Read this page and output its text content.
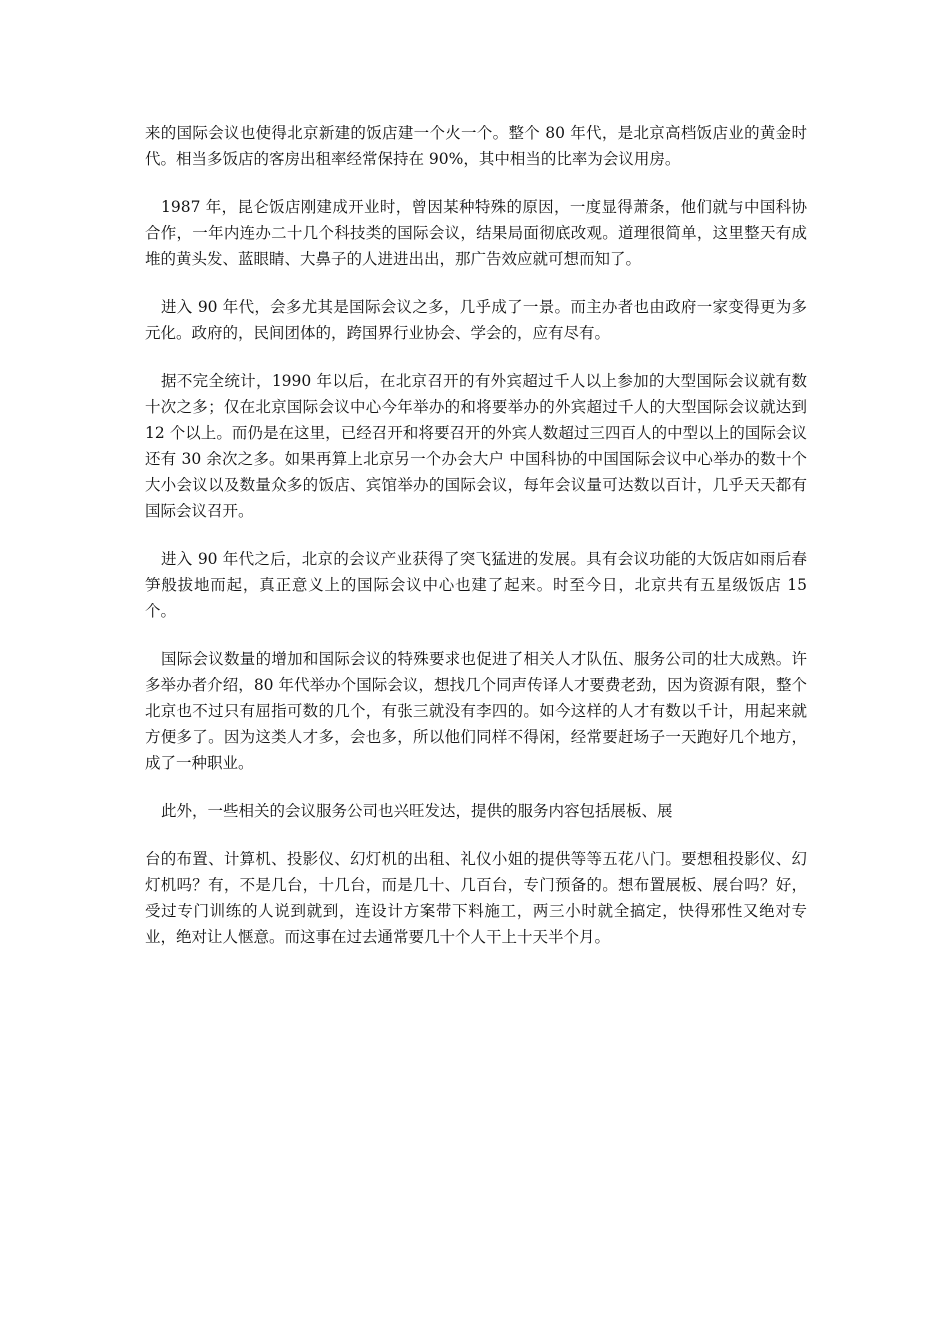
来的国际会议也使得北京新建的饭店建一个火一个。整个 80 年代，是北京高档饭店业的黄金时代。相当多饭店的客房出租率经常保持在 90%，其中相当的比率为会议用房。

1987 年，昆仑饭店刚建成开业时，曾因某种特殊的原因，一度显得萧条，他们就与中国科协合作，一年内连办二十几个科技类的国际会议，结果局面彻底改观。道理很简单，这里整天有成堆的黄头发、蓝眼睛、大鼻子的人进进出出，那广告效应就可想而知了。

进入 90 年代，会多尤其是国际会议之多，几乎成了一景。而主办者也由政府一家变得更为多元化。政府的，民间团体的，跨国界行业协会、学会的，应有尽有。

据不完全统计，1990 年以后，在北京召开的有外宾超过千人以上参加的大型国际会议就有数十次之多；仅在北京国际会议中心今年举办的和将要举办的外宾超过千人的大型国际会议就达到 12 个以上。而仍是在这里，已经召开和将要召开的外宾人数超过三四百人的中型以上的国际会议还有 30 余次之多。如果再算上北京另一个办会大户 中国科协的中国国际会议中心举办的数十个大小会议以及数量众多的饭店、宾馆举办的国际会议，每年会议量可达数以百计，几乎天天都有国际会议召开。

进入 90 年代之后，北京的会议产业获得了突飞猛进的发展。具有会议功能的大饭店如雨后春笋般拔地而起，真正意义上的国际会议中心也建了起来。时至今日，北京共有五星级饭店 15 个。

国际会议数量的增加和国际会议的特殊要求也促进了相关人才队伍、服务公司的壮大成熟。许多举办者介绍，80 年代举办个国际会议，想找几个同声传译人才要费老劲，因为资源有限，整个北京也不过只有屈指可数的几个，有张三就没有李四的。如今这样的人才有数以千计，用起来就方便多了。因为这类人才多，会也多，所以他们同样不得闲，经常要赶场子一天跑好几个地方，成了一种职业。

此外，一些相关的会议服务公司也兴旺发达，提供的服务内容包括展板、展

台的布置、计算机、投影仪、幻灯机的出租、礼仪小姐的提供等等五花八门。要想租投影仪、幻灯机吗？有，不是几台，十几台，而是几十、几百台，专门预备的。想布置展板、展台吗？好，受过专门训练的人说到就到，连设计方案带下料施工，两三小时就全搞定，快得邪性又绝对专业，绝对让人惬意。而这事在过去通常要几十个人干上十天半个月。
